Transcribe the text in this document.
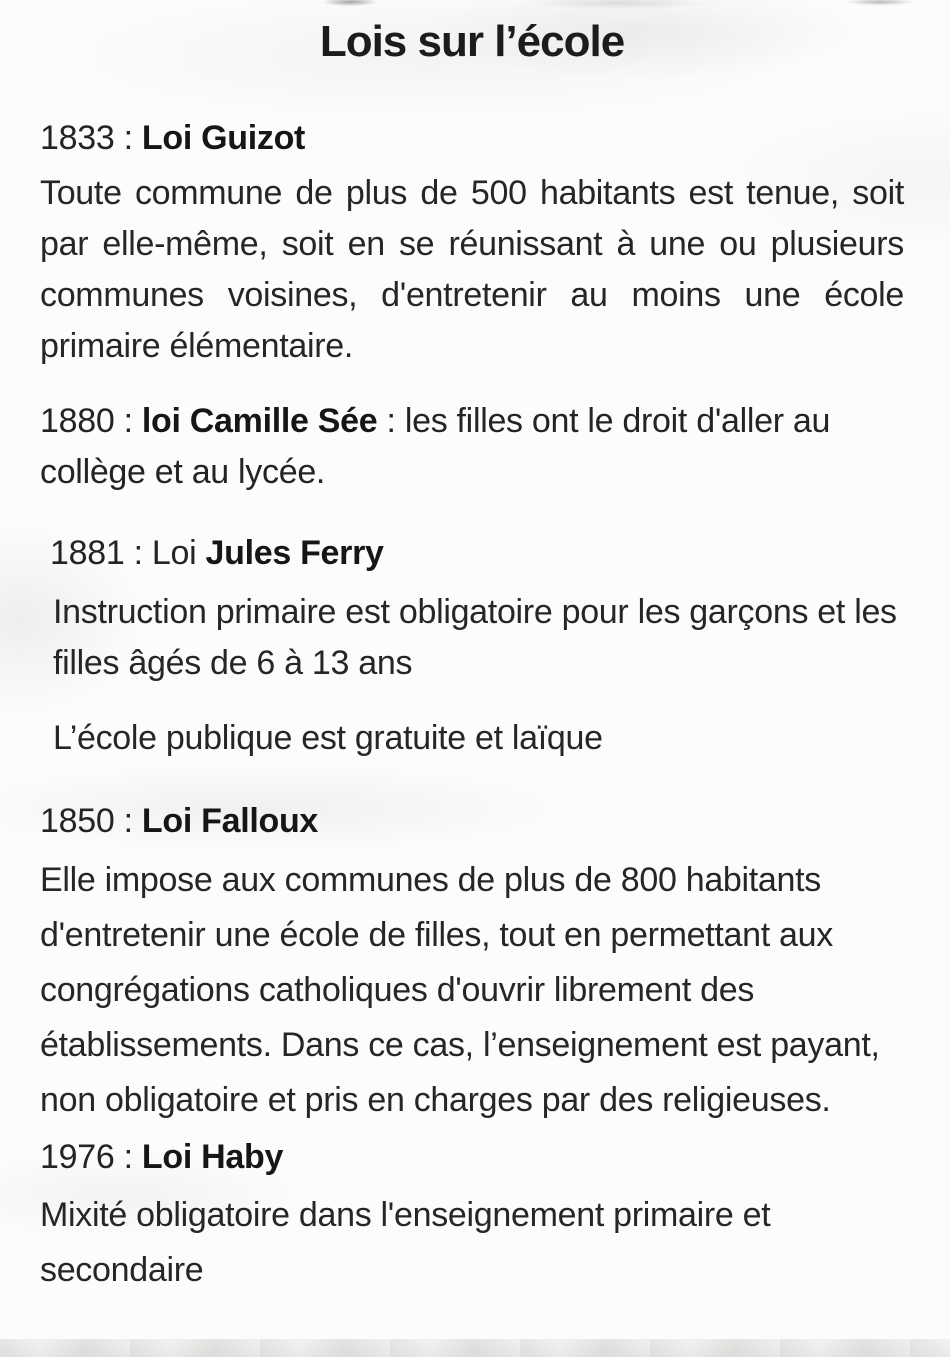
Lois sur l’école
1833 : Loi Guizot

Toute commune de plus de 500 habitants est tenue, soit par elle-même, soit en se réunissant à une ou plusieurs communes voisines, d'entretenir au moins une école primaire élémentaire.

1880 : loi Camille Sée : les filles ont le droit d'aller au collège et au lycée.
1881 : Loi Jules Ferry

Instruction primaire est obligatoire pour les garçons et les filles âgés de 6 à 13 ans

L’école publique est gratuite et laïque

1850 : Loi Falloux

Elle impose aux communes de plus de 800 habitants d'entretenir une école de filles, tout en permettant aux congrégations catholiques d'ouvrir librement des établissements. Dans ce cas, l’enseignement est payant, non obligatoire et pris en charges par des religieuses.

1976 : Loi Haby

Mixité obligatoire dans l'enseignement primaire et secondaire
